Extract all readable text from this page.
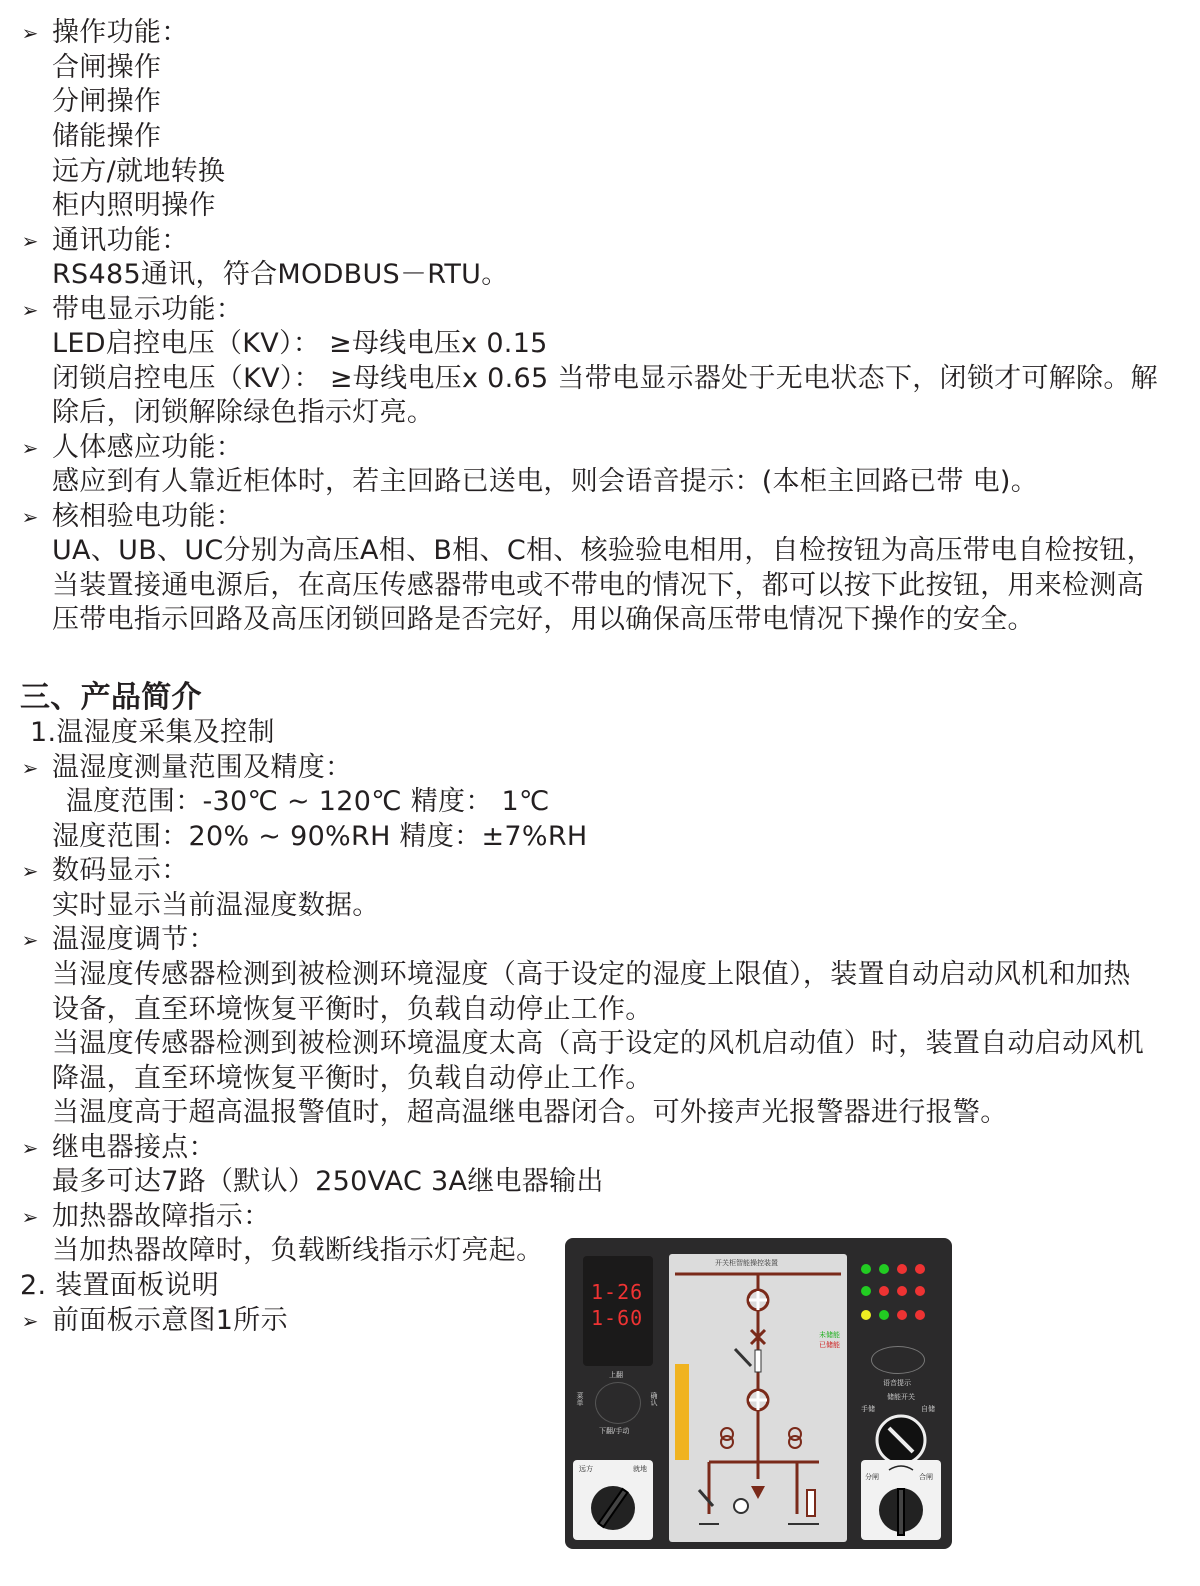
➢ 操作功能：
合闸操作
分闸操作
储能操作
远方/就地转换
柜内照明操作
➢ 通讯功能：
RS485通讯，符合MODBUS－RTU。
➢ 带电显示功能：
LED启控电压（KV）： ≥母线电压x 0.15
闭锁启控电压（KV）： ≥母线电压x 0.65 当带电显示器处于无电状态下，闭锁才可解除。解
除后，闭锁解除绿色指示灯亮。
➢ 人体感应功能：
感应到有人靠近柜体时，若主回路已送电，则会语音提示：(本柜主回路已带 电)。
➢ 核相验电功能：
UA、UB、UC分别为高压A相、B相、C相、核验验电相用，自检按钮为高压带电自检按钮，
当装置接通电源后，在高压传感器带电或不带电的情况下，都可以按下此按钮，用来检测高
压带电指示回路及高压闭锁回路是否完好，用以确保高压带电情况下操作的安全。
1.温湿度采集及控制
➢ 温湿度测量范围及精度：
温度范围：-30℃ ~ 120℃ 精度： 1℃
湿度范围：20% ~ 90%RH 精度：±7%RH
➢ 数码显示：
实时显示当前温湿度数据。
➢ 温湿度调节：
当湿度传感器检测到被检测环境湿度（高于设定的湿度上限值），装置自动启动风机和加热
设备，直至环境恢复平衡时，负载自动停止工作。
当温度传感器检测到被检测环境温度太高（高于设定的风机启动值）时，装置自动启动风机
降温，直至环境恢复平衡时，负载自动停止工作。
当温度高于超高温报警值时，超高温继电器闭合。可外接声光报警器进行报警。
➢ 继电器接点：
最多可达7路（默认）250VAC 3A继电器输出
➢ 加热器故障指示：
当加热器故障时，负载断线指示灯亮起。
2. 装置面板说明
➢ 前面板示意图1所示
三、产品简介
1-26
1-60
上翻
菜单	确认
下翻/手动
远方	就地
开关柜智能操控装置
未储能
已储能
语音提示
储能开关
手储	自储
分闸	合闸
